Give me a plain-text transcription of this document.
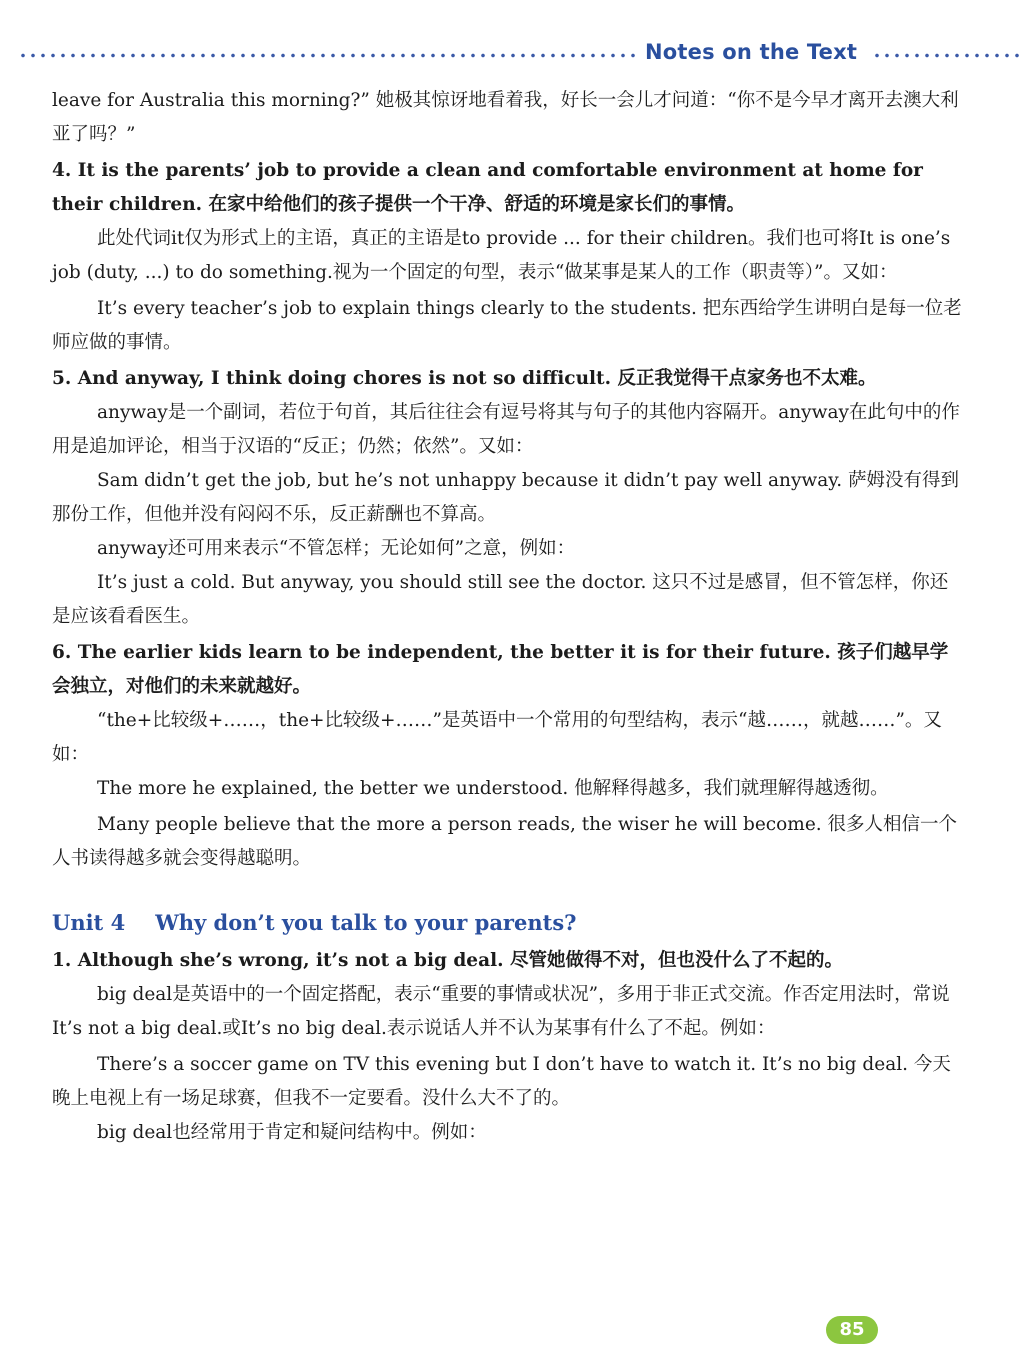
Notes on the Text

leave for Australia this morning?” 她极其惊讶地看着我，好长一会儿才问道：“你不是今早才离开去澳大利亚了吗？”

4. It is the parents’ job to provide a clean and comfortable environment at home for their children. 在家中给他们的孩子提供一个干净、舒适的环境是家长们的事情。

此处代词it仅为形式上的主语，真正的主语是to provide ... for their children。我们也可将It is one’s job (duty, ...) to do something.视为一个固定的句型，表示“做某事是某人的工作（职责等）”。又如：

It’s every teacher’s job to explain things clearly to the students. 把东西给学生讲明白是每一位老师应做的事情。

5. And anyway, I think doing chores is not so difficult. 反正我觉得干点家务也不太难。

anyway是一个副词，若位于句首，其后往往会有逗号将其与句子的其他内容隔开。anyway在此句中的作用是追加评论，相当于汉语的“反正；仍然；依然”。又如：

Sam didn’t get the job, but he’s not unhappy because it didn’t pay well anyway. 萨姆没有得到那份工作，但他并没有闷闷不乐，反正薪酬也不算高。

anyway还可用来表示“不管怎样；无论如何”之意，例如：

It’s just a cold. But anyway, you should still see the doctor. 这只不过是感冒，但不管怎样，你还是应该看看医生。

6. The earlier kids learn to be independent, the better it is for their future. 孩子们越早学会独立，对他们的未来就越好。

“the+比较级+……，the+比较级+……”是英语中一个常用的句型结构，表示“越……，就越……”。又如：

The more he explained, the better we understood. 他解释得越多，我们就理解得越透彻。

Many people believe that the more a person reads, the wiser he will become. 很多人相信一个人书读得越多就会变得越聪明。

Unit 4 Why don’t you talk to your parents?

1. Although she’s wrong, it’s not a big deal. 尽管她做得不对，但也没什么了不起的。

big deal是英语中的一个固定搭配，表示“重要的事情或状况”，多用于非正式交流。作否定用法时，常说It’s not a big deal.或It’s no big deal.表示说话人并不认为某事有什么了不起。例如：

There’s a soccer game on TV this evening but I don’t have to watch it. It’s no big deal. 今天晚上电视上有一场足球赛，但我不一定要看。没什么大不了的。

big deal也经常用于肯定和疑问结构中。例如：

85
